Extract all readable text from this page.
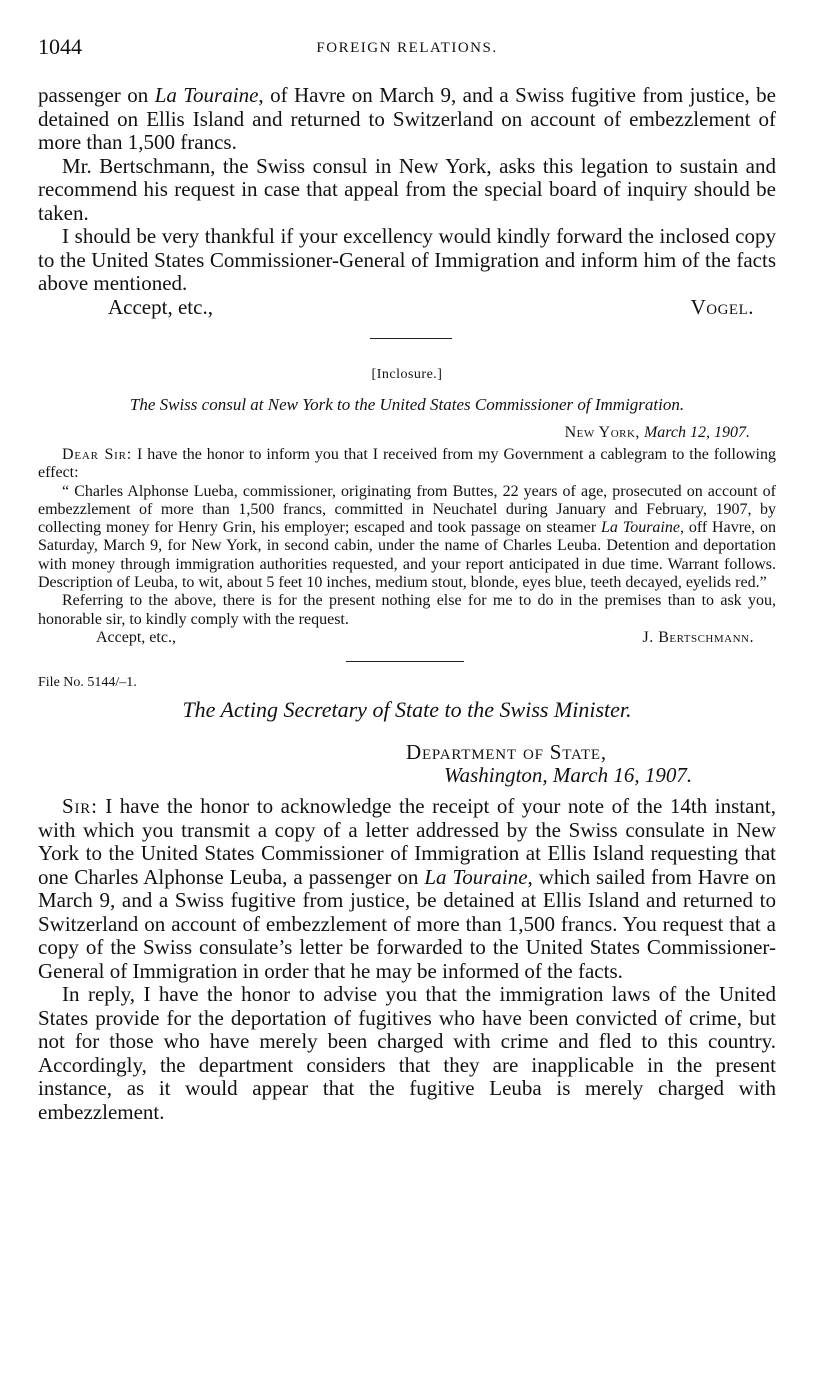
1044	FOREIGN RELATIONS.

passenger on La Touraine, of Havre on March 9, and a Swiss fugitive from justice, be detained on Ellis Island and returned to Switzerland on account of embezzlement of more than 1,500 francs.

Mr. Bertschmann, the Swiss consul in New York, asks this legation to sustain and recommend his request in case that appeal from the special board of inquiry should be taken.

I should be very thankful if your excellency would kindly forward the inclosed copy to the United States Commissioner-General of Immigration and inform him of the facts above mentioned.

Accept, etc.,	Vogel.

[Inclosure.]

The Swiss consul at New York to the United States Commissioner of Immigration.

New York, March 12, 1907.

Dear Sir: I have the honor to inform you that I received from my Government a cablegram to the following effect:

“ Charles Alphonse Lueba, commissioner, originating from Buttes, 22 years of age, prosecuted on account of embezzlement of more than 1,500 francs, committed in Neuchatel during January and February, 1907, by collecting money for Henry Grin, his employer; escaped and took passage on steamer La Touraine, off Havre, on Saturday, March 9, for New York, in second cabin, under the name of Charles Leuba. Detention and deportation with money through immigration authorities requested, and your report anticipated in due time. Warrant follows. Description of Leuba, to wit, about 5 feet 10 inches, medium stout, blonde, eyes blue, teeth decayed, eyelids red.”

Referring to the above, there is for the present nothing else for me to do in the premises than to ask you, honorable sir, to kindly comply with the request.

Accept, etc.,	J. Bertschmann.

File No. 5144/–1.

The Acting Secretary of State to the Swiss Minister.

Department of State,
Washington, March 16, 1907.

Sir: I have the honor to acknowledge the receipt of your note of the 14th instant, with which you transmit a copy of a letter addressed by the Swiss consulate in New York to the United States Commissioner of Immigration at Ellis Island requesting that one Charles Alphonse Leuba, a passenger on La Touraine, which sailed from Havre on March 9, and a Swiss fugitive from justice, be detained at Ellis Island and returned to Switzerland on account of embezzlement of more than 1,500 francs. You request that a copy of the Swiss consulate’s letter be forwarded to the United States Commissioner-General of Immigration in order that he may be informed of the facts.

In reply, I have the honor to advise you that the immigration laws of the United States provide for the deportation of fugitives who have been convicted of crime, but not for those who have merely been charged with crime and fled to this country. Accordingly, the department considers that they are inapplicable in the present instance, as it would appear that the fugitive Leuba is merely charged with embezzlement.
